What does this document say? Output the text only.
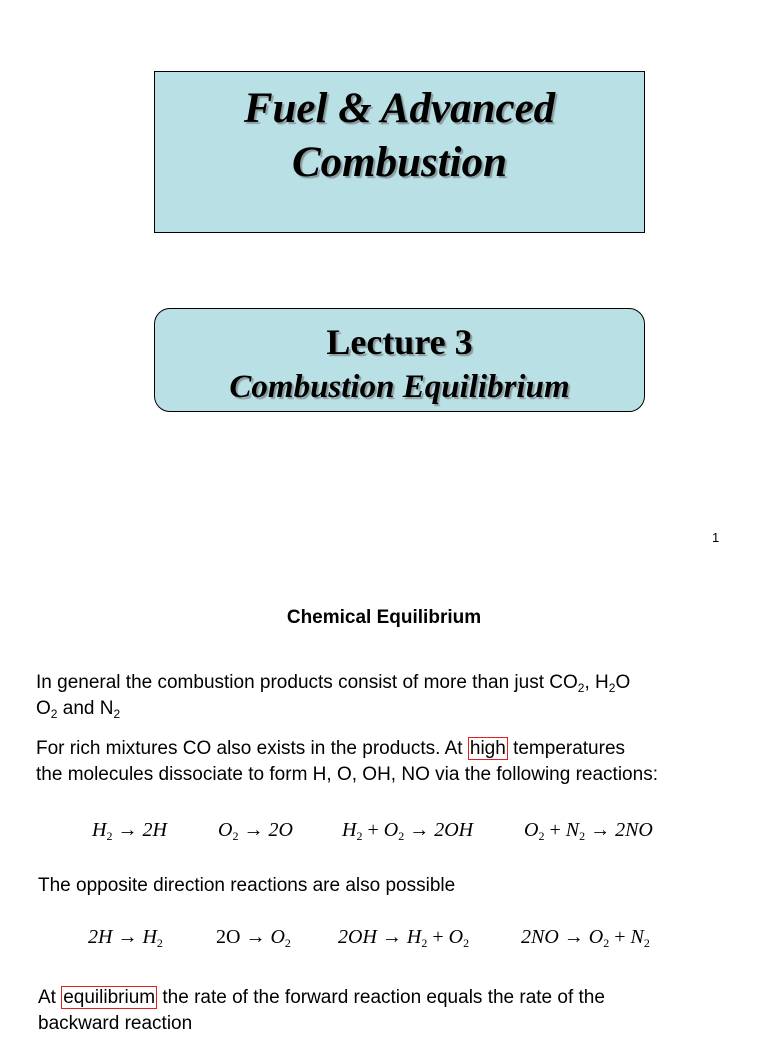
Fuel & Advanced
Combustion
Lecture 3
Combustion Equilibrium
1
Chemical Equilibrium
In general the combustion products consist of more than just $CO_2$, $H_2O$
$O_2$ and $N_2$
For rich mixtures CO also exists in the products. At high temperatures
the molecules dissociate to form H, O, OH, NO via the following reactions:
$H_2 \to 2H$	$O_2 \to 2O$ $H_2 + O_2 \to 2OH$	$O_2 + N_2 \to 2NO$
The opposite direction reactions are also possible
$2H \to H_2$	$2O \to O_2$ $2OH \to H_2 + O_2$	$2NO \to O_2 + N_2$
At equilibrium the rate of the forward reaction equals the rate of the
backward reaction
